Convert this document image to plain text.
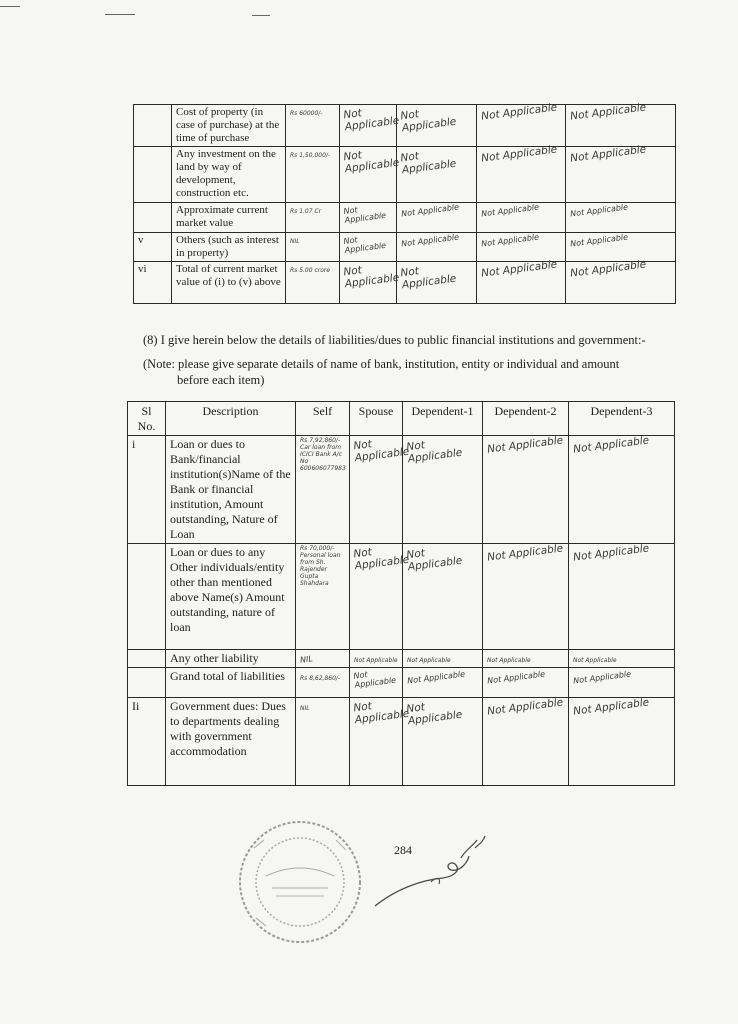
	Cost of property (in case of purchase) at the time of purchase	Rs 60000/-	Not Applicable	Not Applicable	Not Applicable	Not Applicable
	Any investment on the land by way of development, construction etc.	Rs 1,50,000/-	Not Applicable	Not Applicable	Not Applicable	Not Applicable
	Approximate current market value	Rs 1.07 Cr	Not Applicable	Not Applicable	Not Applicable	Not Applicable
v	Others (such as interest in property)	NIL	Not Applicable	Not Applicable	Not Applicable	Not Applicable
vi	Total of current market value of (i) to (v) above	Rs 5.00 crore	Not Applicable	Not Applicable	Not Applicable	Not Applicable
(8) I give herein below the details of liabilities/dues to public financial institutions and government:-
(Note: please give separate details of name of bank, institution, entity or individual and amount
before each item)
Sl No.	Description	Self	Spouse	Dependent-1	Dependent-2	Dependent-3
i	Loan or dues to Bank/financial institution(s)Name of the Bank or financial institution, Amount outstanding, Nature of Loan	Rs 7,92,860/- Car loan from ICICI Bank A/c No 600606077983	Not Applicable	Not Applicable	Not Applicable	Not Applicable
	Loan or dues to any Other individuals/entity other than mentioned above Name(s) Amount outstanding, nature of loan	Rs 70,000/- Personal loan from Sh. Rajender Gupta Shahdara	Not Applicable	Not Applicable	Not Applicable	Not Applicable
	Any other liability	NIL	Not Applicable	Not Applicable	Not Applicable	Not Applicable
	Grand total of liabilities	Rs 8,62,860/-	Not Applicable	Not Applicable	Not Applicable	Not Applicable
Ii	Government dues: Dues to departments dealing with government accommodation	NIL	Not Applicable	Not Applicable	Not Applicable	Not Applicable
284
